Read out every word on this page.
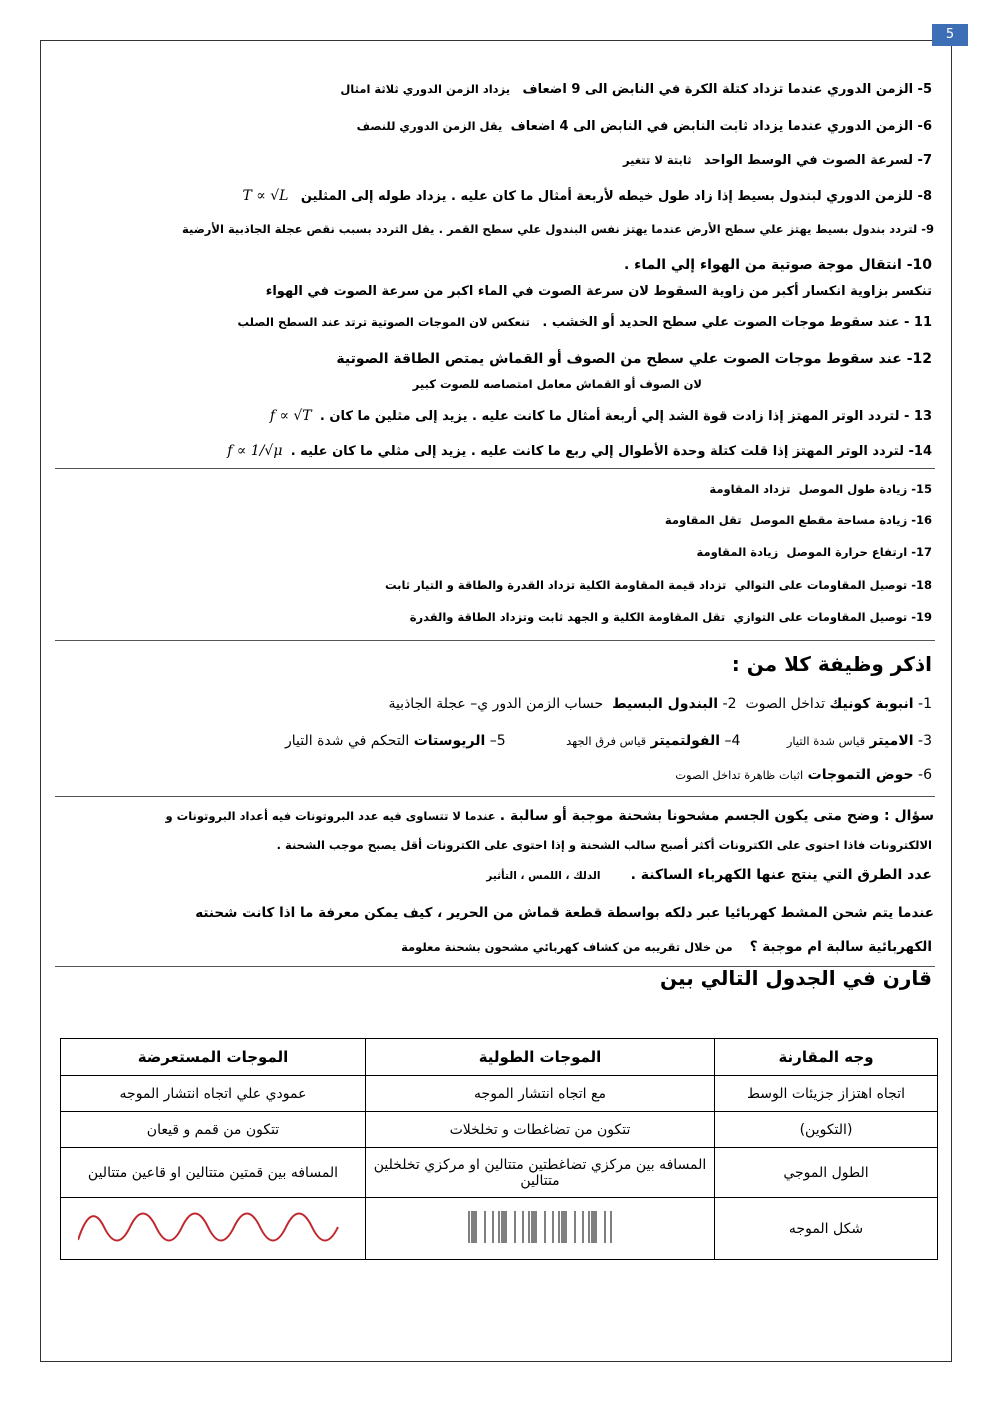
5
5- الزمن الدوري عندما تزداد كتلة الكرة في النابض الى 9 اضعاف   يزداد الزمن الدوري ثلاثة امثال
6- الزمن الدوري عندما يزداد ثابت النابض في النابض الى 4 اضعاف  يقل الزمن الدوري للنصف
7- لسرعة الصوت في الوسط الواحد   ثابتة لا تتغير
8- للزمن الدوري لبندول بسيط إذا زاد طول خيطه لأربعة أمثال ما كان عليه . يزداد طوله إلى المثلين   T ∝ √L
9- لتردد بندول بسيط يهتز علي سطح الأرض عندما يهتز نفس البندول علي سطح القمر . يقل التردد بسبب نقص عجلة الجاذبية الأرضية
10- انتقال موجة صوتية من الهواء إلي الماء .
تنكسر بزاوية انكسار أكبر من زاوية السقوط لان سرعة الصوت في الماء اكبر من سرعة الصوت في الهواء
11 - عند سقوط موجات الصوت علي سطح الحديد أو الخشب .   تنعكس لان الموجات الصوتية ترتد عند السطح الصلب
12- عند سقوط موجات الصوت علي سطح من الصوف أو القماش يمتص الطاقة الصوتية
لان الصوف أو القماش معامل امتصاصه للصوت كبير
13 - لتردد الوتر المهتز إذا زادت قوة الشد إلي أربعة أمثال ما كانت عليه . يزيد إلى مثلين ما كان .  f ∝ √T
14- لتردد الوتر المهتز إذا قلت كتلة وحدة الأطوال إلي ربع ما كانت عليه . يزيد إلى مثلي ما كان عليه .  f ∝ 1/√μ
15- زيادة طول الموصل  تزداد المقاومة
16- زيادة مساحة مقطع الموصل  تقل المقاومة
17- ارتفاع حرارة الموصل  زيادة المقاومة
18- توصيل المقاومات على التوالي  تزداد قيمة المقاومة الكلية تزداد القدرة والطاقة و التيار ثابت
19- توصيل المقاومات على التوازي  تقل المقاومة الكلية و الجهد ثابت وتزداد الطاقة والقدرة
اذكر وظيفة كلا من :
1- انبوبة كونيك تداخل الصوت  2- البندول البسيط  حساب الزمن الدور ي– عجلة الجاذبية
3- الاميتر قياس شدة التيار    4– الفولتميتر قياس فرق الجهد     5– الريوستات التحكم في شدة التيار
6- حوض التموجات اثبات ظاهرة تداخل الصوت
سؤال : وضح متى يكون الجسم مشحونا بشحنة موجبة أو سالبة . عندما لا تتساوى فيه عدد البروتونات فيه أعداد البروتونات و
الالكترونات فاذا احتوى على الكترونات أكثر أصبح سالب الشحنة و إذا احتوى على الكترونات أقل يصبح موجب الشحنة .
عدد الطرق التي ينتج عنها الكهرباء الساكنة .   الدلك ، اللمس ، التأثير
عندما يتم شحن المشط كهربائيا عبر دلكه بواسطة قطعة قماش من الحرير ، كيف يمكن معرفة ما اذا كانت شحنته
الكهربائية سالبة ام موجبة ؟  من خلال تقريبه من كشاف كهربائي مشحون بشحنة معلومة
قارن في الجدول التالي بين
وجه المقارنة	الموجات الطولية	الموجات المستعرضة
اتجاه اهتزاز جزيئات الوسط	مع اتجاه انتشار الموجه	عمودي علي اتجاه انتشار الموجه
(التكوين)	تتكون من تضاغطات و تخلخلات	تتكون من قمم و قيعان
الطول الموجي	المسافه بين مركزي تضاغطتين متتالين او مركزي تخلخلين متتالين	المسافه بين قمتين متتالين او قاعين متتالين
شكل الموجه		
